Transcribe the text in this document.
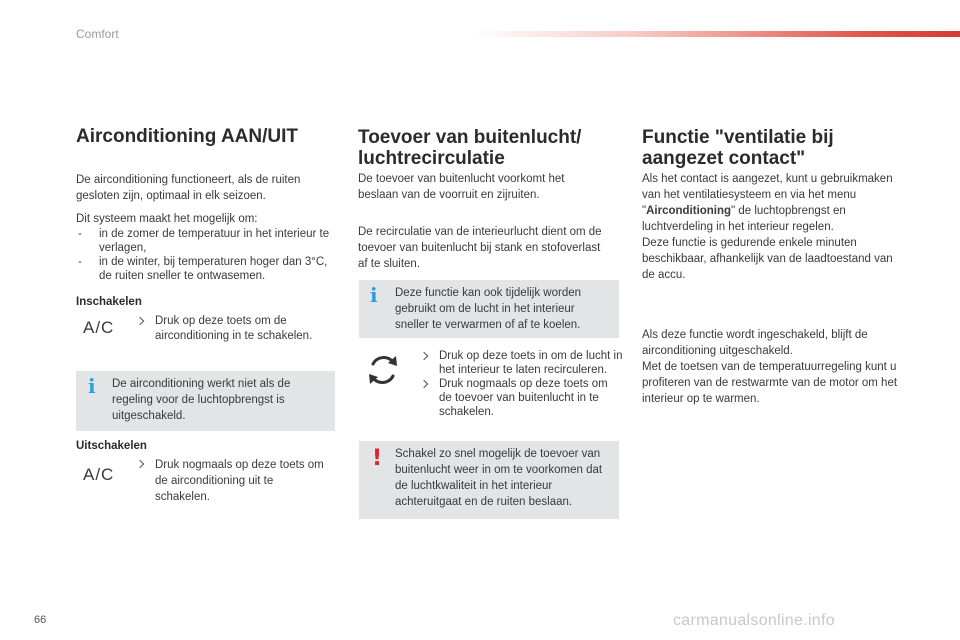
Comfort
Airconditioning AAN/UIT

De airconditioning functioneert, als de ruiten gesloten zijn, optimaal in elk seizoen.

Dit systeem maakt het mogelijk om:

- in de zomer de temperatuur in het interieur te verlagen,
- in de winter, bij temperaturen hoger dan 3°C, de ruiten sneller te ontwasemen.
Inschakelen
A/C	Druk op deze toets om de airconditioning in te schakelen.
i De airconditioning werkt niet als de regeling voor de luchtopbrengst is uitgeschakeld.

Uitschakelen
A/C	Druk nogmaals op deze toets om de airconditioning uit te schakelen.
Toevoer van buitenlucht/
luchtrecirculatie

De toevoer van buitenlucht voorkomt het beslaan van de voorruit en zijruiten.

De recirculatie van de interieurlucht dient om de toevoer van buitenlucht bij stank en stofoverlast af te sluiten.

i Deze functie kan ook tijdelijk worden gebruikt om de lucht in het interieur sneller te verwarmen of af te koelen.

Druk op deze toets in om de lucht in het interieur te laten recirculeren.
Druk nogmaals op deze toets om de toevoer van buitenlucht in te schakelen.
! Schakel zo snel mogelijk de toevoer van buitenlucht weer in om te voorkomen dat de luchtkwaliteit in het interieur achteruitgaat en de ruiten beslaan.

Functie "ventilatie bij
aangezet contact"

Als het contact is aangezet, kunt u gebruikmaken van het ventilatiesysteem en via het menu "Airconditioning" de luchtopbrengst en luchtverdeling in het interieur regelen.

Deze functie is gedurende enkele minuten beschikbaar, afhankelijk van de laadtoestand van de accu.

Als deze functie wordt ingeschakeld, blijft de airconditioning uitgeschakeld.

Met de toetsen van de temperatuurregeling kunt u profiteren van de restwarmte van de motor om het interieur op te warmen.

66	carmanualsonline.info
